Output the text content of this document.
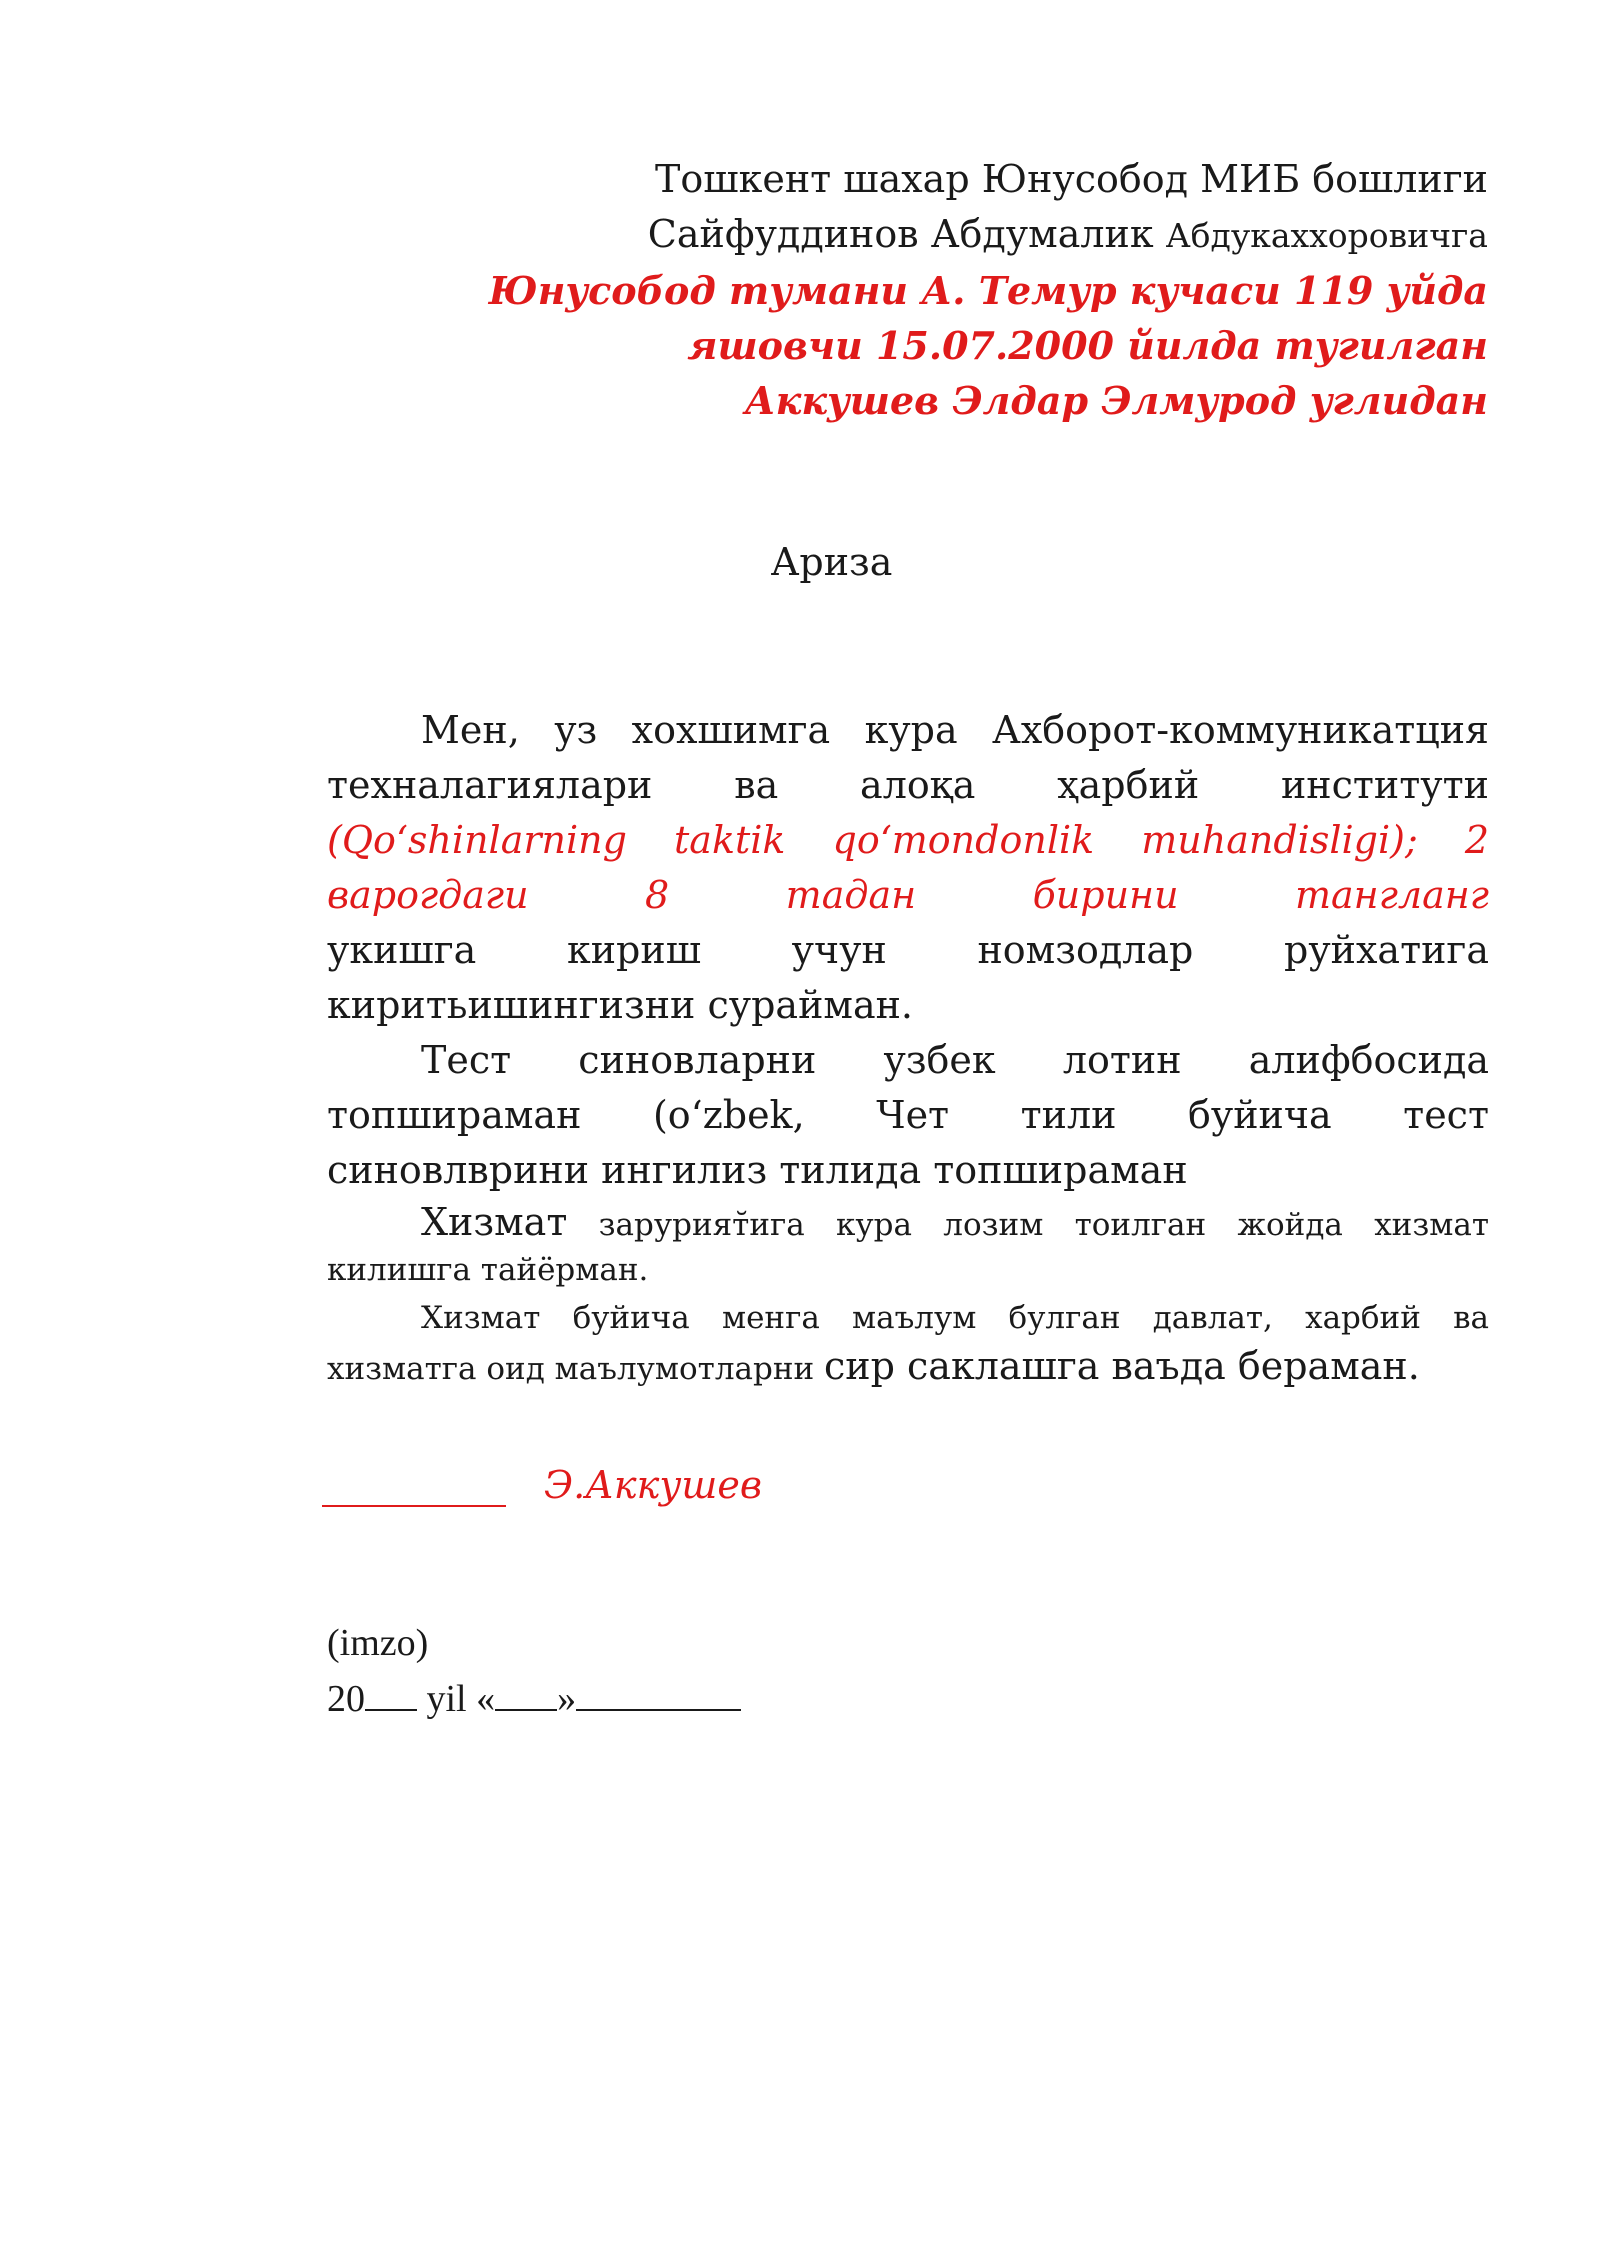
Тошкент шахар Юнусобод МИБ бошлиги
Сайфуддинов Абдумалик Абдукаххоровичга
Юнусобод тумани А. Темур кучаси 119 уйда
яшовчи 15.07.2000 йилда тугилган
Аккушев Элдар Элмурод углидан
Ариза
Мен, уз хохшимга кура Ахборот-коммуникатция
техналагиялари ва алоқа ҳарбий институти
(Qo‘shinlarning taktik qo‘mondonlik muhandisligi); 2
варогдаги 8 тадан бирини тангланг
укишга кириш учун номзодлар руйхатига
киритьишингизни сурайман.
Тест синовларни узбек лотин алифбосида
топшираман (o‘zbek, Чет тили буйича тест
синовлврини ингилиз тилида топшираман
Хизмат зарурият̆ига кура лозим тоилган жойда хизмат
килишга тайёрман.
Хизмат буйича менга маълум булган давлат, харбий ва
хизматга оид маълумотларни сир саклашга ваъда бераман.
Э.Аккушев
(imzo)
20 yil « »
